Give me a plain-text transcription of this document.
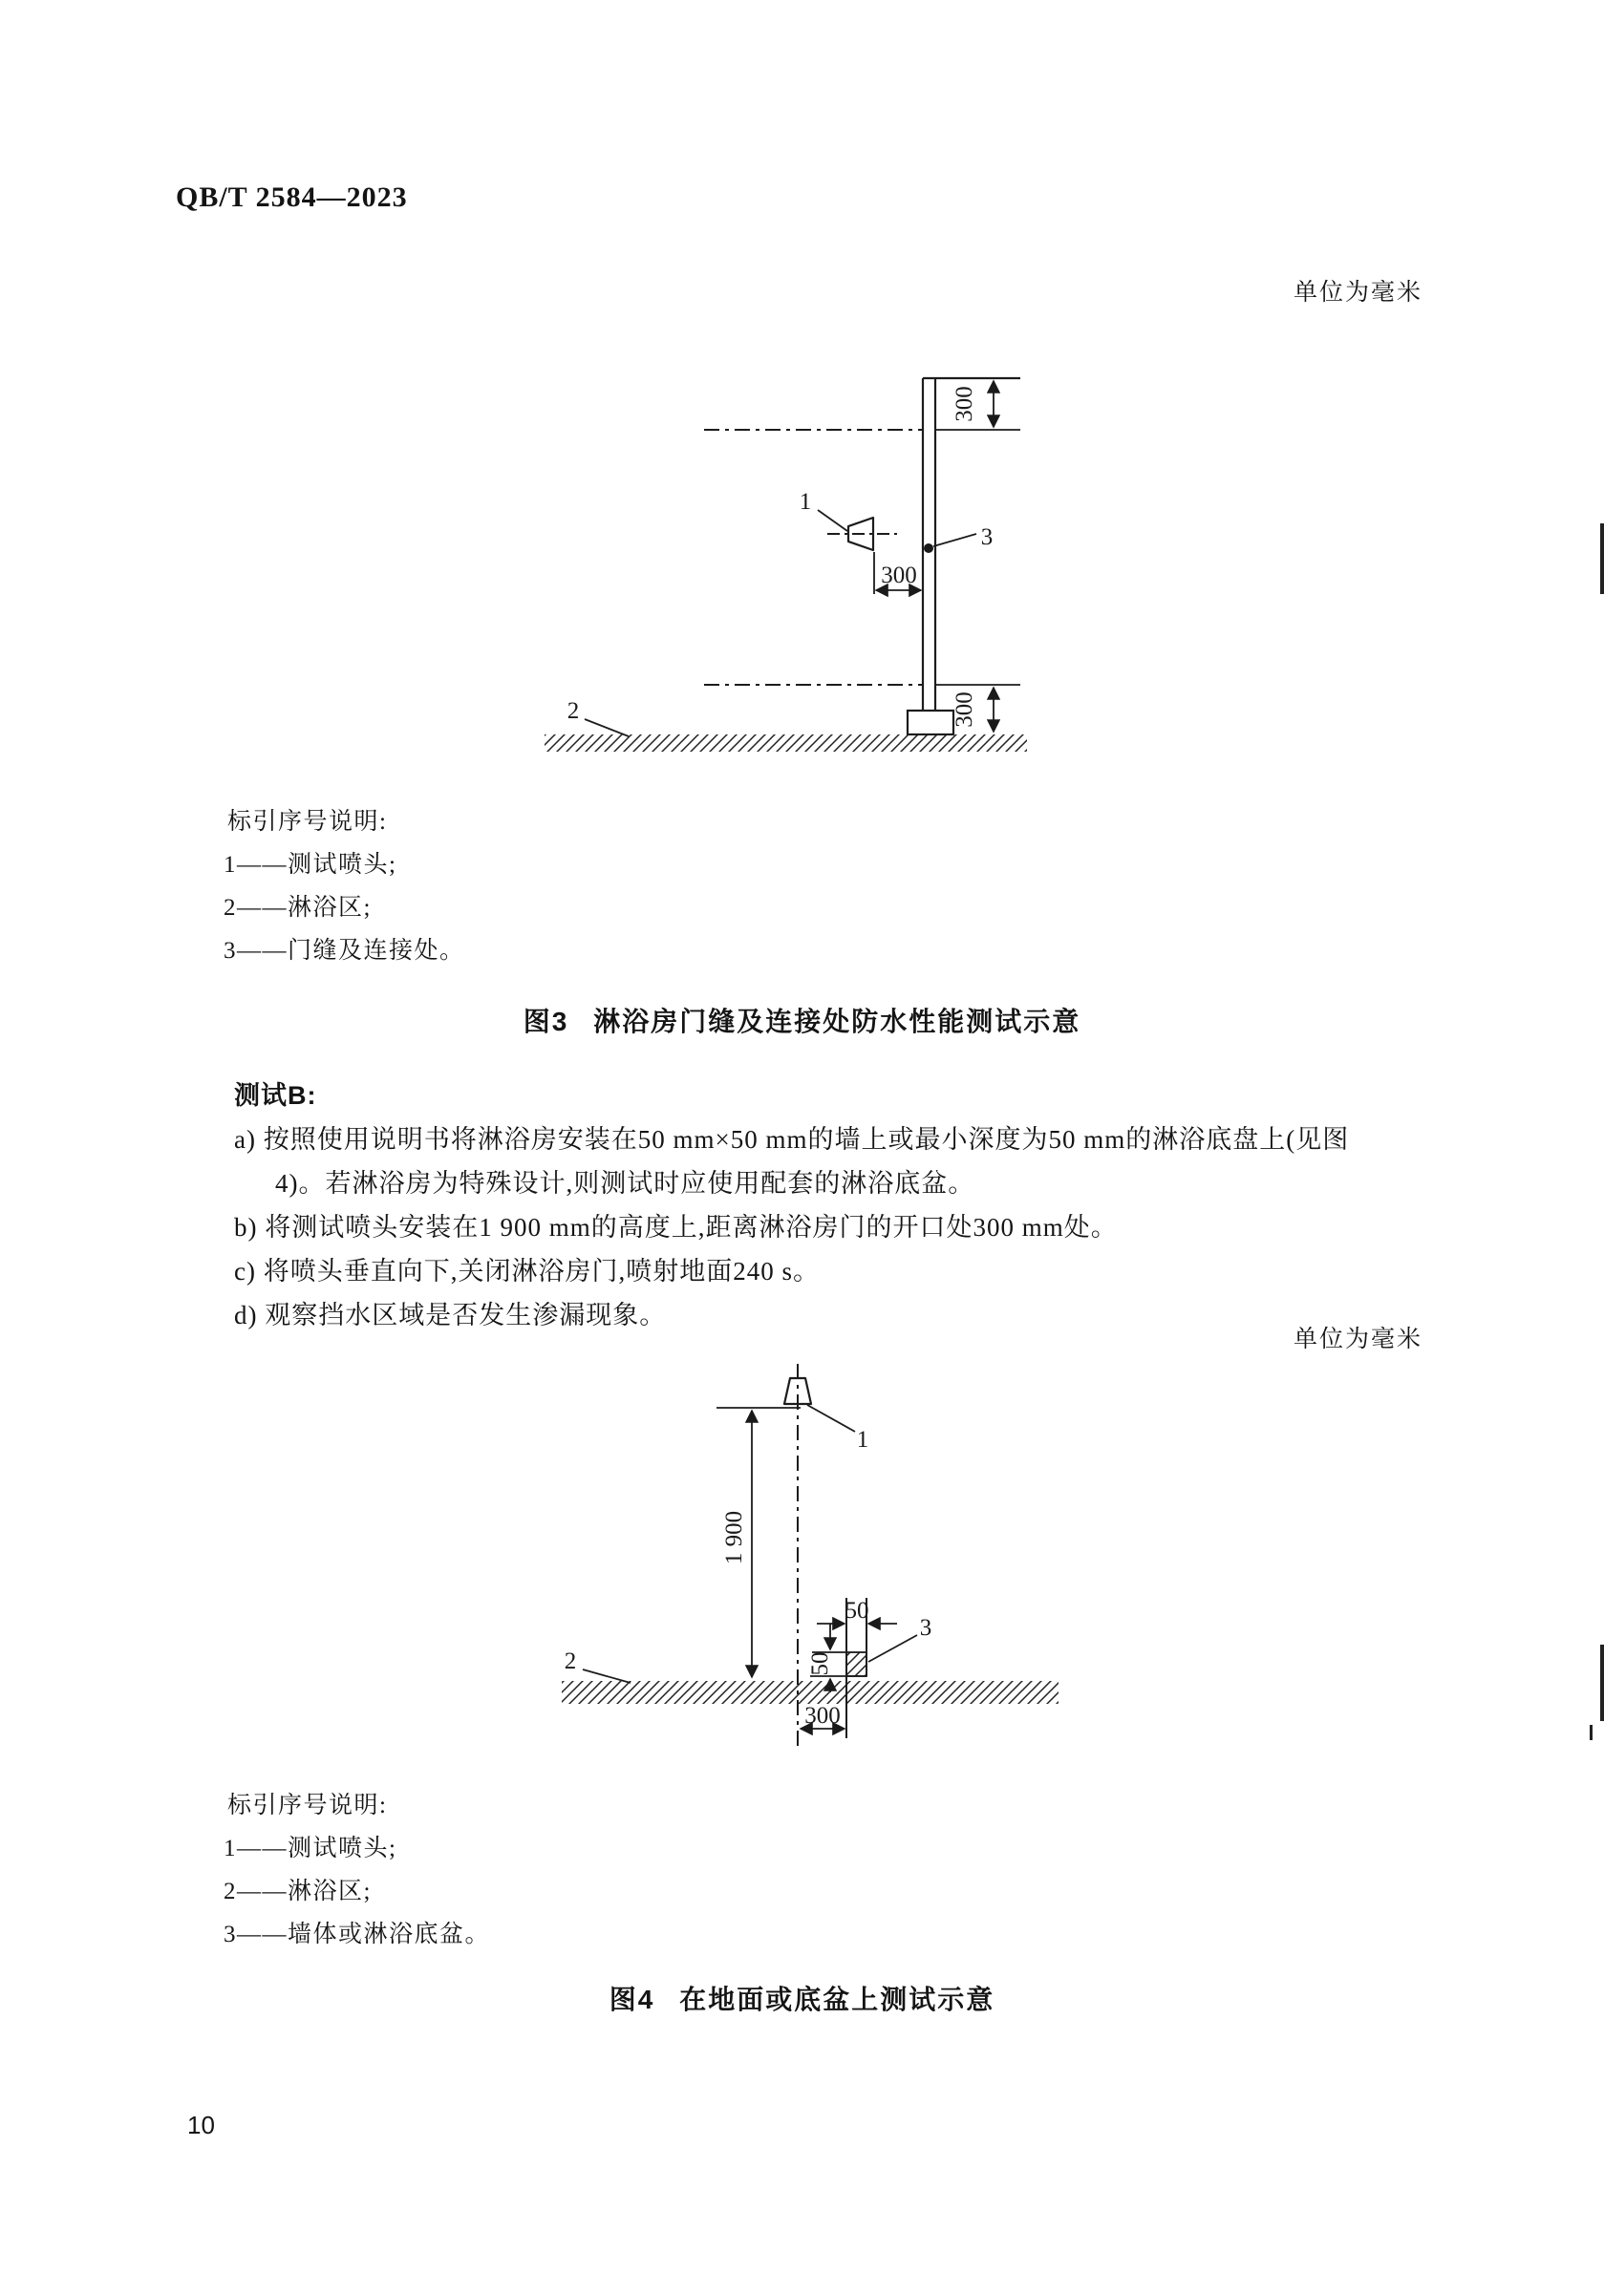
QB/T 2584—2023
单位为毫米
300
1
300
3
300
2
标引序号说明:
1——测试喷头;
2——淋浴区;
3——门缝及连接处。
图3 淋浴房门缝及连接处防水性能测试示意
测试B:
a) 按照使用说明书将淋浴房安装在50 mm×50 mm的墙上或最小深度为50 mm的淋浴底盘上(见图
4)。若淋浴房为特殊设计,则测试时应使用配套的淋浴底盆。
b) 将测试喷头安装在1 900 mm的高度上,距离淋浴房门的开口处300 mm处。
c) 将喷头垂直向下,关闭淋浴房门,喷射地面240 s。
d) 观察挡水区域是否发生渗漏现象。
单位为毫米
1
1 900
50
50
3
2
300
标引序号说明:
1——测试喷头;
2——淋浴区;
3——墙体或淋浴底盆。
图4 在地面或底盆上测试示意
10
